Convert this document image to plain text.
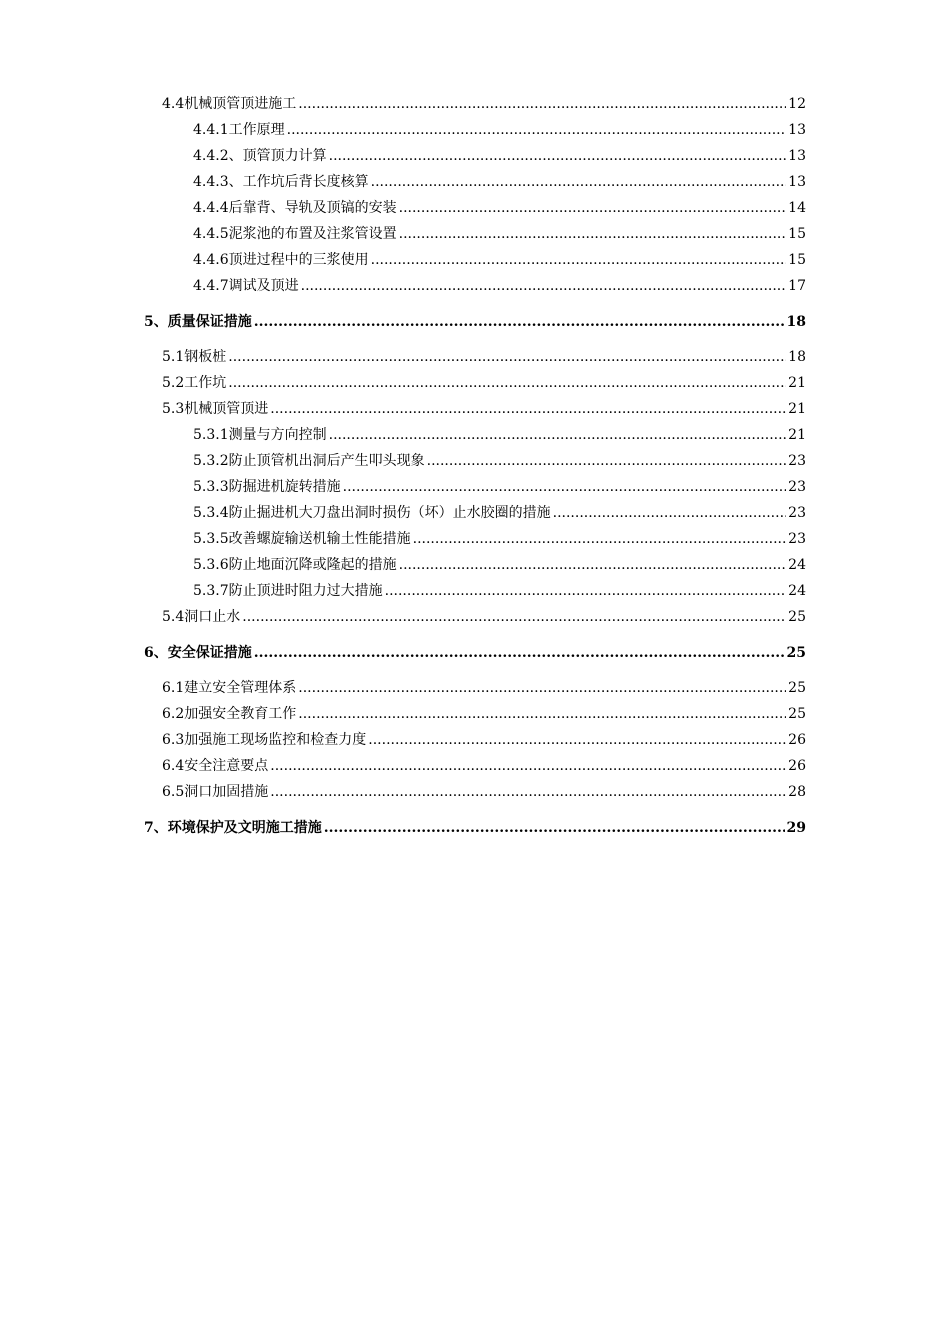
4.4机械顶管顶进施工 .....	12
4.4.1工作原理 .....	13
4.4.2、顶管顶力计算 .....	13
4.4.3、工作坑后背长度核算 .....	13
4.4.4后靠背、导轨及顶镐的安装 .....	14
4.4.5泥浆池的布置及注浆管设置 .....	15
4.4.6顶进过程中的三浆使用 .....	15
4.4.7调试及顶进 .....	17
5、质量保证措施 .....	18
5.1钢板桩 .....	18
5.2工作坑 .....	21
5.3机械顶管顶进 .....	21
5.3.1测量与方向控制 .....	21
5.3.2防止顶管机出洞后产生叩头现象 .....	23
5.3.3防掘进机旋转措施 .....	23
5.3.4防止掘进机大刀盘出洞时损伤（坏）止水胶圈的措施 .....	23
5.3.5改善螺旋输送机输土性能措施 .....	23
5.3.6防止地面沉降或隆起的措施 .....	24
5.3.7防止顶进时阻力过大措施 .....	24
5.4洞口止水 .....	25
6、安全保证措施 .....	25
6.1建立安全管理体系 .....	25
6.2加强安全教育工作 .....	25
6.3加强施工现场监控和检查力度 .....	26
6.4安全注意要点 .....	26
6.5洞口加固措施 .....	28
7、环境保护及文明施工措施 .....	29
